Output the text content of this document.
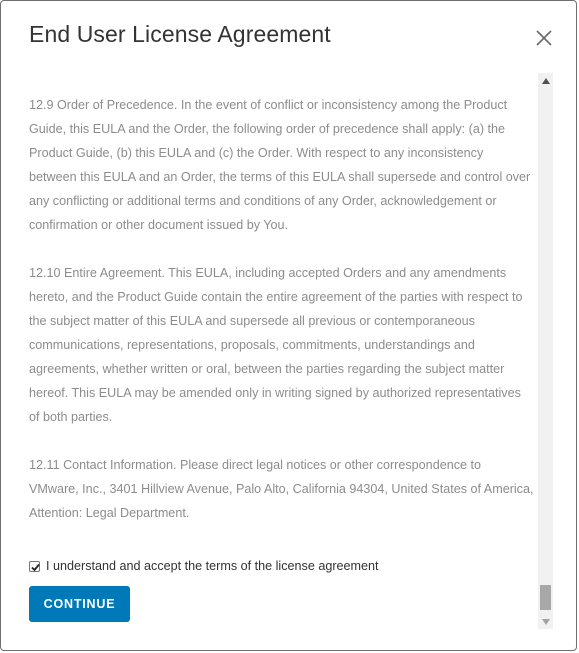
End User License Agreement

12.9 Order of Precedence. In the event of conflict or inconsistency among the Product Guide, this EULA and the Order, the following order of precedence shall apply: (a) the Product Guide, (b) this EULA and (c) the Order. With respect to any inconsistency between this EULA and an Order, the terms of this EULA shall supersede and control over any conflicting or additional terms and conditions of any Order, acknowledgement or confirmation or other document issued by You.

12.10 Entire Agreement. This EULA, including accepted Orders and any amendments hereto, and the Product Guide contain the entire agreement of the parties with respect to the subject matter of this EULA and supersede all previous or contemporaneous communications, representations, proposals, commitments, understandings and agreements, whether written or oral, between the parties regarding the subject matter hereof. This EULA may be amended only in writing signed by authorized representatives of both parties.

12.11 Contact Information. Please direct legal notices or other correspondence to VMware, Inc., 3401 Hillview Avenue, Palo Alto, California 94304, United States of America, Attention: Legal Department.

I understand and accept the terms of the license agreement
CONTINUE
